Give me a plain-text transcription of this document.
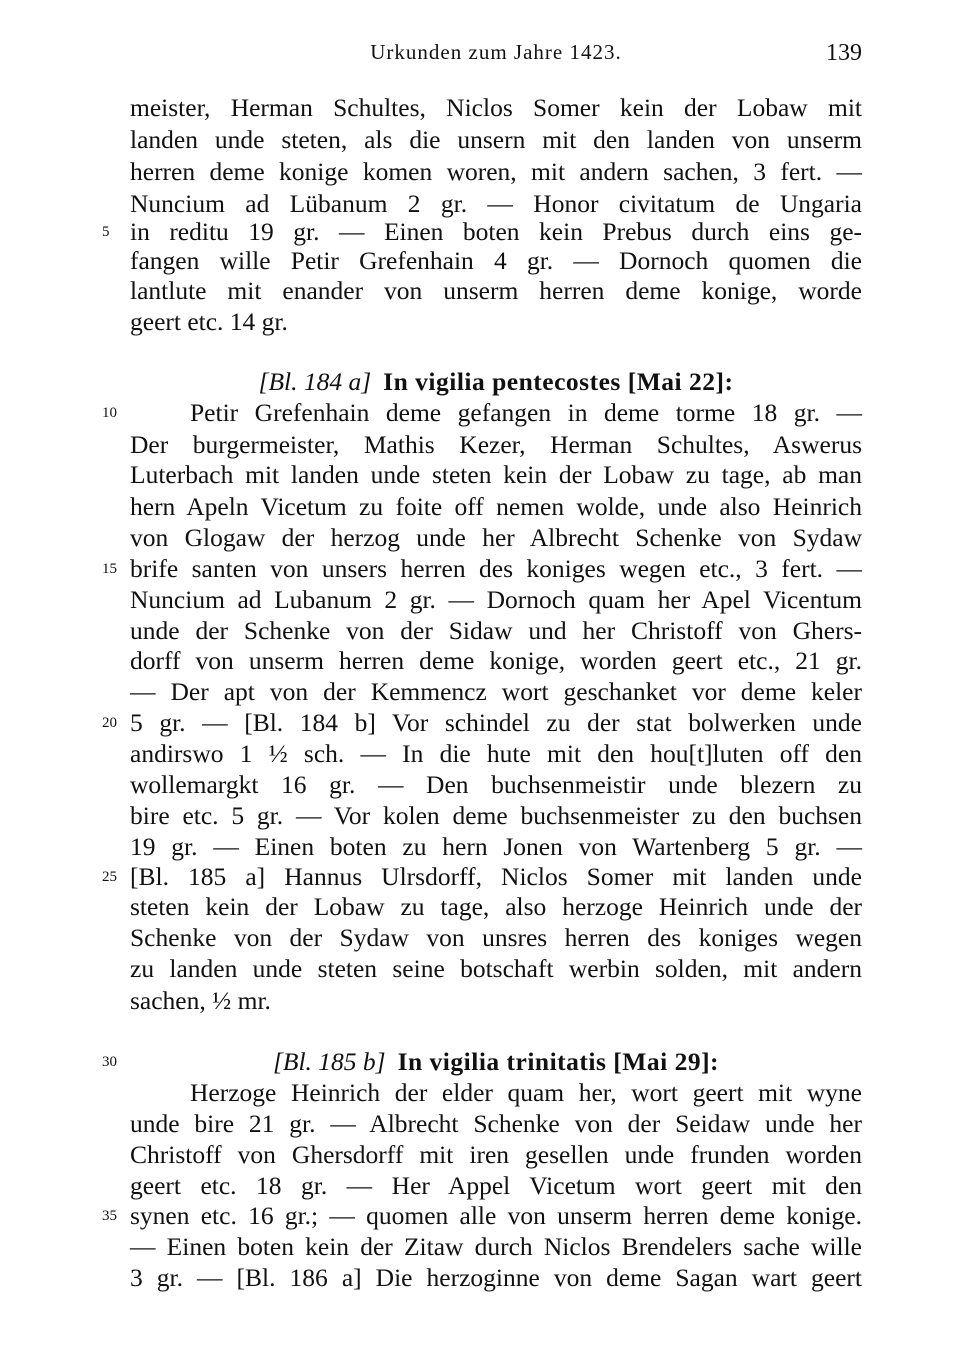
Urkunden zum Jahre 1423.	139
meister, Herman Schultes, Niclos Somer kein der Lobaw mit
landen unde steten, als die unsern mit den landen von unserm
herren deme konige komen woren, mit andern sachen, 3 fert. —
Nuncium ad Lübanum 2 gr. — Honor civitatum de Ungaria
in reditu 19 gr. — Einen boten kein Prebus durch eins ge-
fangen wille Petir Grefenhain 4 gr. — Dornoch quomen die
lantlute mit enander von unserm herren deme konige, worde
geert etc. 14 gr.
[Bl. 184 a] In vigilia pentecostes [Mai 22]:
Petir Grefenhain deme gefangen in deme torme 18 gr. —
Der burgermeister, Mathis Kezer, Herman Schultes, Aswerus
Luterbach mit landen unde steten kein der Lobaw zu tage, ab man
hern Apeln Vicetum zu foite off nemen wolde, unde also Heinrich
von Glogaw der herzog unde her Albrecht Schenke von Sydaw
brife santen von unsers herren des koniges wegen etc., 3 fert. —
Nuncium ad Lubanum 2 gr. — Dornoch quam her Apel Vicentum
unde der Schenke von der Sidaw und her Christoff von Ghers-
dorff von unserm herren deme konige, worden geert etc., 21 gr.
— Der apt von der Kemmencz wort geschanket vor deme keler
5 gr. — [Bl. 184 b] Vor schindel zu der stat bolwerken unde
andirswo 1 ½ sch. — In die hute mit den hou[t]luten off den
wollemargkt 16 gr. — Den buchsenmeistir unde blezern zu
bire etc. 5 gr. — Vor kolen deme buchsenmeister zu den buchsen
19 gr. — Einen boten zu hern Jonen von Wartenberg 5 gr. —
[Bl. 185 a] Hannus Ulrsdorff, Niclos Somer mit landen unde
steten kein der Lobaw zu tage, also herzoge Heinrich unde der
Schenke von der Sydaw von unsres herren des koniges wegen
zu landen unde steten seine botschaft werbin solden, mit andern
sachen, ½ mr.
[Bl. 185 b] In vigilia trinitatis [Mai 29]:
Herzoge Heinrich der elder quam her, wort geert mit wyne
unde bire 21 gr. — Albrecht Schenke von der Seidaw unde her
Christoff von Ghersdorff mit iren gesellen unde frunden worden
geert etc. 18 gr. — Her Appel Vicetum wort geert mit den
synen etc. 16 gr.; — quomen alle von unserm herren deme konige.
— Einen boten kein der Zitaw durch Niclos Brendelers sache wille
3 gr. — [Bl. 186 a] Die herzoginne von deme Sagan wart geert
5
10
15
20
25
30
35
